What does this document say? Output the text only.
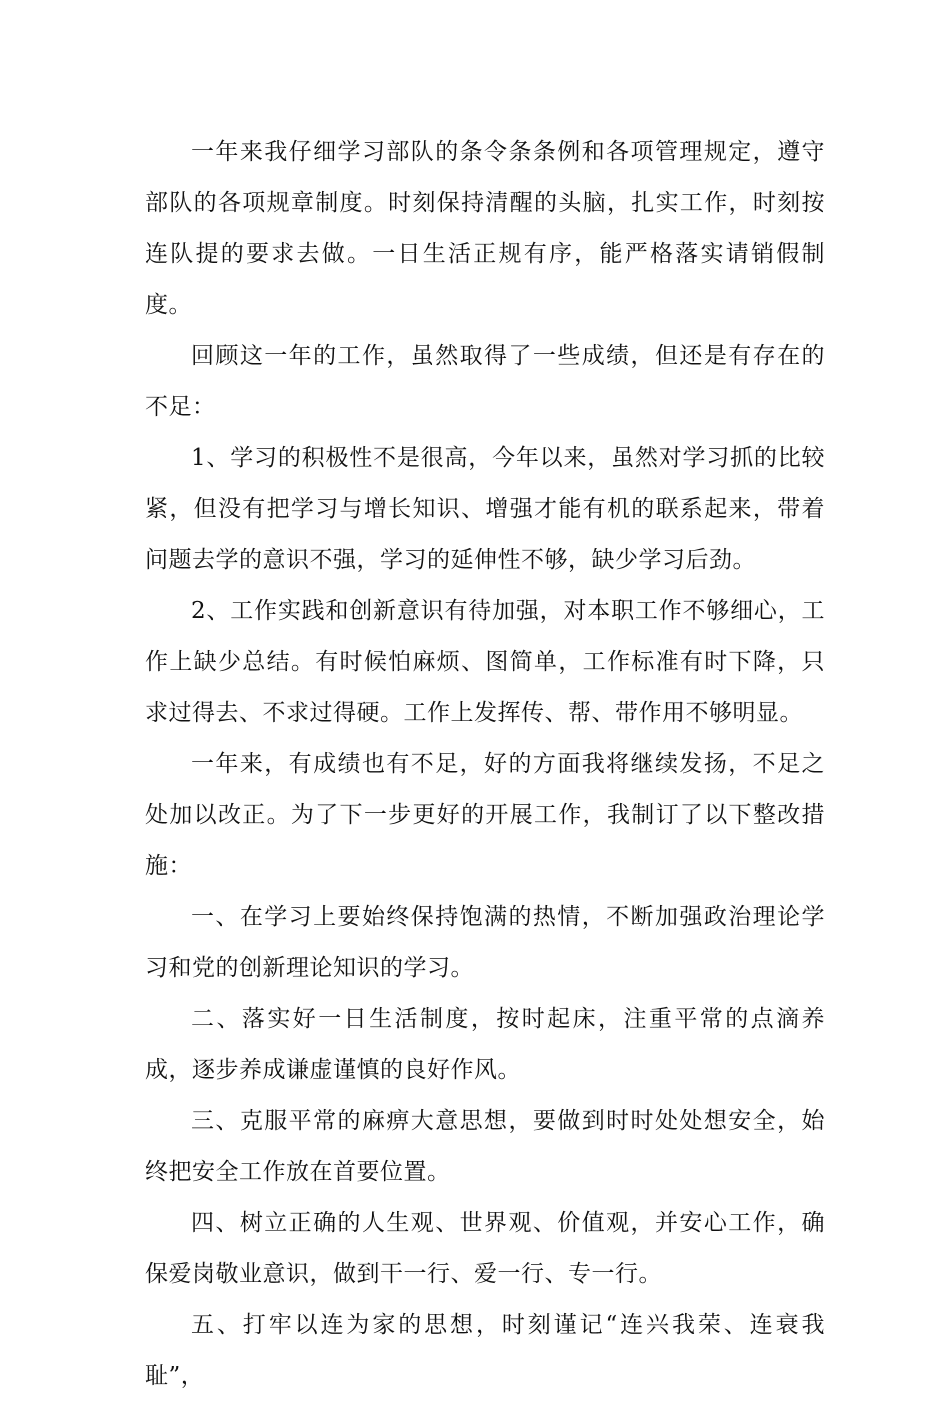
一年来我仔细学习部队的条令条条例和各项管理规定，遵守部队的各项规章制度。时刻保持清醒的头脑，扎实工作，时刻按连队提的要求去做。一日生活正规有序，能严格落实请销假制度。

回顾这一年的工作，虽然取得了一些成绩，但还是有存在的不足：

1、学习的积极性不是很高，今年以来，虽然对学习抓的比较紧，但没有把学习与增长知识、增强才能有机的联系起来，带着问题去学的意识不强，学习的延伸性不够，缺少学习后劲。

2、工作实践和创新意识有待加强，对本职工作不够细心，工作上缺少总结。有时候怕麻烦、图简单，工作标准有时下降，只求过得去、不求过得硬。工作上发挥传、帮、带作用不够明显。

一年来，有成绩也有不足，好的方面我将继续发扬，不足之处加以改正。为了下一步更好的开展工作，我制订了以下整改措施：

一、在学习上要始终保持饱满的热情，不断加强政治理论学习和党的创新理论知识的学习。

二、落实好一日生活制度，按时起床，注重平常的点滴养成，逐步养成谦虚谨慎的良好作风。

三、克服平常的麻痹大意思想，要做到时时处处想安全，始终把安全工作放在首要位置。

四、树立正确的人生观、世界观、价值观，并安心工作，确保爱岗敬业意识，做到干一行、爱一行、专一行。

五、打牢以连为家的思想，时刻谨记“连兴我荣、连衰我耻”，
